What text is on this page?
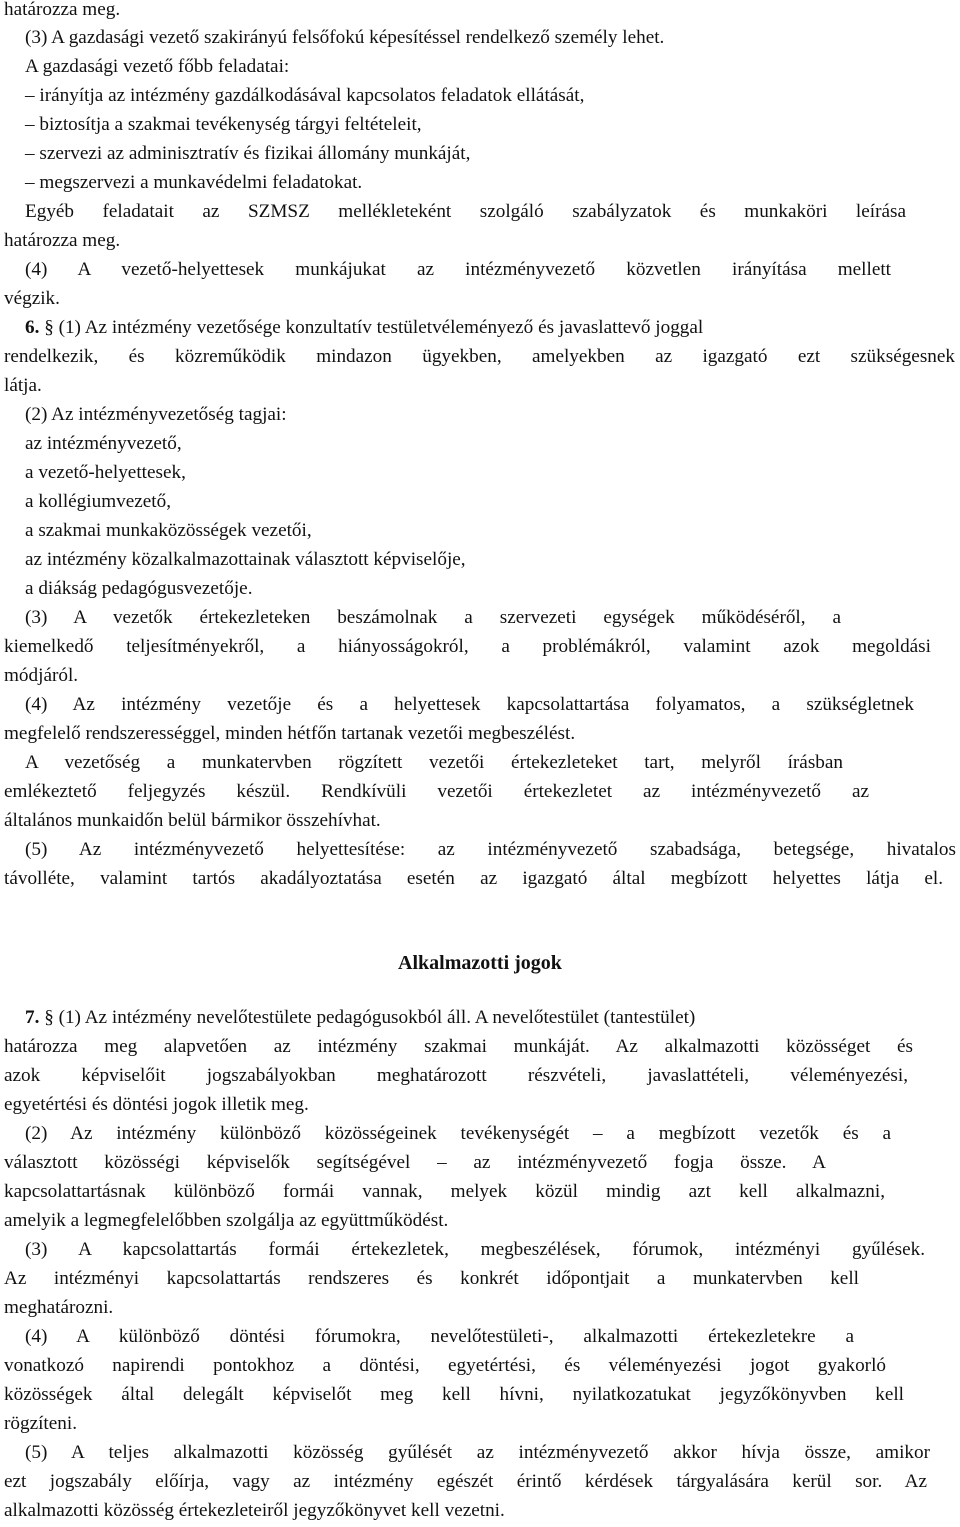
határozza meg.
(3) A gazdasági vezető szakirányú felsőfokú képesítéssel rendelkező személy lehet.
A gazdasági vezető főbb feladatai:
– irányítja az intézmény gazdálkodásával kapcsolatos feladatok ellátását,
– biztosítja a szakmai tevékenység tárgyi feltételeit,
– szervezi az adminisztratív és fizikai állomány munkáját,
– megszervezi a munkavédelmi feladatokat.
Egyéb feladatait az SZMSZ mellékleteként szolgáló szabályzatok és munkaköri leírása
határozza meg.
(4) A vezető-helyettesek munkájukat az intézményvezető közvetlen irányítása mellett
végzik.
6. § (1) Az intézmény vezetősége konzultatív testületvéleményező és javaslattevő joggal
rendelkezik, és közreműködik mindazon ügyekben, amelyekben az igazgató ezt szükségesnek
látja.
(2) Az intézményvezetőség tagjai:
az intézményvezető,
a vezető-helyettesek,
a kollégiumvezető,
a szakmai munkaközösségek vezetői,
az intézmény közalkalmazottainak választott képviselője,
a diákság pedagógusvezetője.
(3) A vezetők értekezleteken beszámolnak a szervezeti egységek működéséről, a
kiemelkedő teljesítményekről, a hiányosságokról, a problémákról, valamint azok megoldási
módjáról.
(4) Az intézmény vezetője és a helyettesek kapcsolattartása folyamatos, a szükségletnek
megfelelő rendszerességgel, minden hétfőn tartanak vezetői megbeszélést.
A vezetőség a munkatervben rögzített vezetői értekezleteket tart, melyről írásban
emlékeztető feljegyzés készül. Rendkívüli vezetői értekezletet az intézményvezető az
általános munkaidőn belül bármikor összehívhat.
(5) Az intézményvezető helyettesítése: az intézményvezető szabadsága, betegsége, hivatalos
távolléte, valamint tartós akadályoztatása esetén az igazgató által megbízott helyettes látja el.
Alkalmazotti jogok
7. § (1) Az intézmény nevelőtestülete pedagógusokból áll. A nevelőtestület (tantestület)
határozza meg alapvetően az intézmény szakmai munkáját. Az alkalmazotti közösséget és
azok képviselőit jogszabályokban meghatározott részvételi, javaslattételi, véleményezési,
egyetértési és döntési jogok illetik meg.
(2) Az intézmény különböző közösségeinek tevékenységét – a megbízott vezetők és a
választott közösségi képviselők segítségével – az intézményvezető fogja össze. A
kapcsolattartásnak különböző formái vannak, melyek közül mindig azt kell alkalmazni,
amelyik a legmegfelelőbben szolgálja az együttműködést.
(3) A kapcsolattartás formái értekezletek, megbeszélések, fórumok, intézményi gyűlések.
Az intézményi kapcsolattartás rendszeres és konkrét időpontjait a munkatervben kell
meghatározni.
(4) A különböző döntési fórumokra, nevelőtestületi-, alkalmazotti értekezletekre a
vonatkozó napirendi pontokhoz a döntési, egyetértési, és véleményezési jogot gyakorló
közösségek által delegált képviselőt meg kell hívni, nyilatkozatukat jegyzőkönyvben kell
rögzíteni.
(5) A teljes alkalmazotti közösség gyűlését az intézményvezető akkor hívja össze, amikor
ezt jogszabály előírja, vagy az intézmény egészét érintő kérdések tárgyalására kerül sor. Az
alkalmazotti közösség értekezleteiről jegyzőkönyvet kell vezetni.
